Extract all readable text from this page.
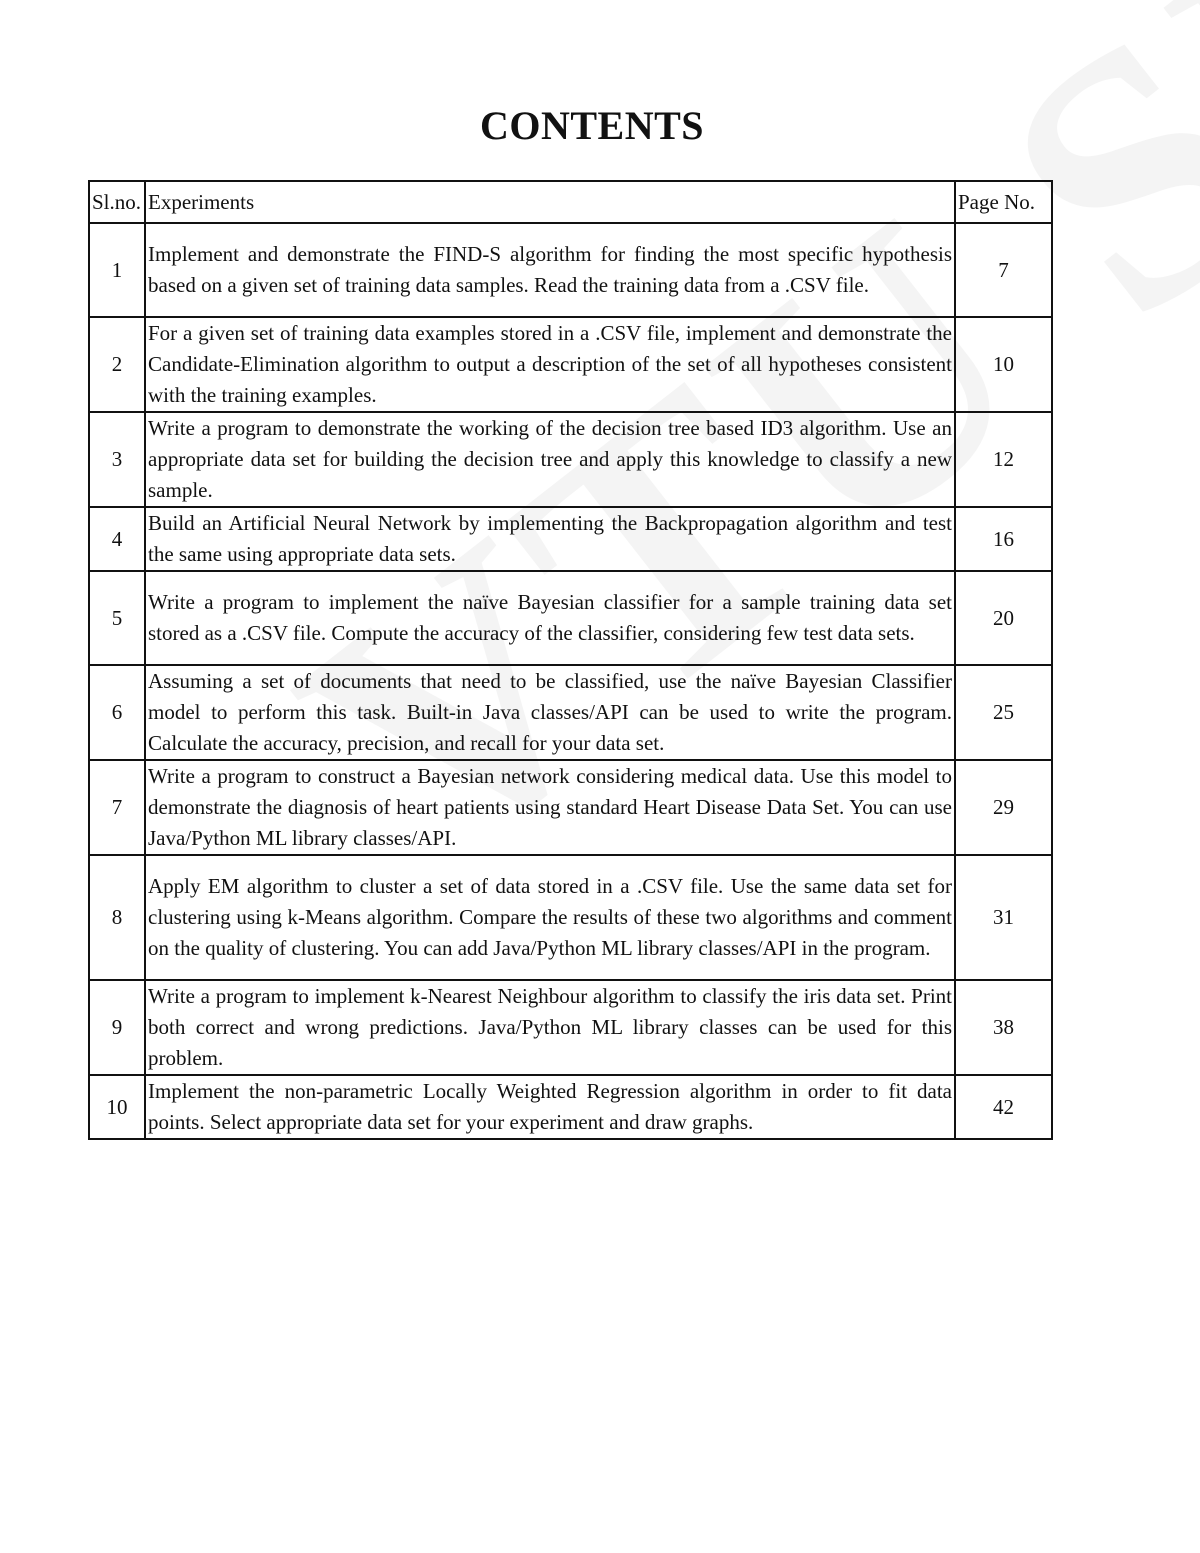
CONTENTS
Sl.no.	Experiments	Page No.
1	Implement and demonstrate the FIND-S algorithm for finding the most specific hypothesis based on a given set of training data samples. Read the training data from a .CSV file.	7
2	For a given set of training data examples stored in a .CSV file, implement and demonstrate the Candidate-Elimination algorithm to output a description of the set of all hypotheses consistent with the training examples.	10
3	Write a program to demonstrate the working of the decision tree based ID3 algorithm. Use an appropriate data set for building the decision tree and apply this knowledge to classify a new sample.	12
4	Build an Artificial Neural Network by implementing the Backpropagation algorithm and test the same using appropriate data sets.	16
5	Write a program to implement the naïve Bayesian classifier for a sample training data set stored as a .CSV file. Compute the accuracy of the classifier, considering few test data sets.	20
6	Assuming a set of documents that need to be classified, use the naïve Bayesian Classifier model to perform this task. Built-in Java classes/API can be used to write the program. Calculate the accuracy, precision, and recall for your data set.	25
7	Write a program to construct a Bayesian network considering medical data. Use this model to demonstrate the diagnosis of heart patients using standard Heart Disease Data Set. You can use Java/Python ML library classes/API.	29
8	Apply EM algorithm to cluster a set of data stored in a .CSV file. Use the same data set for clustering using k-Means algorithm. Compare the results of these two algorithms and comment on the quality of clustering. You can add Java/Python ML library classes/API in the program.	31
9	Write a program to implement k-Nearest Neighbour algorithm to classify the iris data set. Print both correct and wrong predictions. Java/Python ML library classes can be used for this problem.	38
10	Implement the non-parametric Locally Weighted Regression algorithm in order to fit data points. Select appropriate data set for your experiment and draw graphs.	42
